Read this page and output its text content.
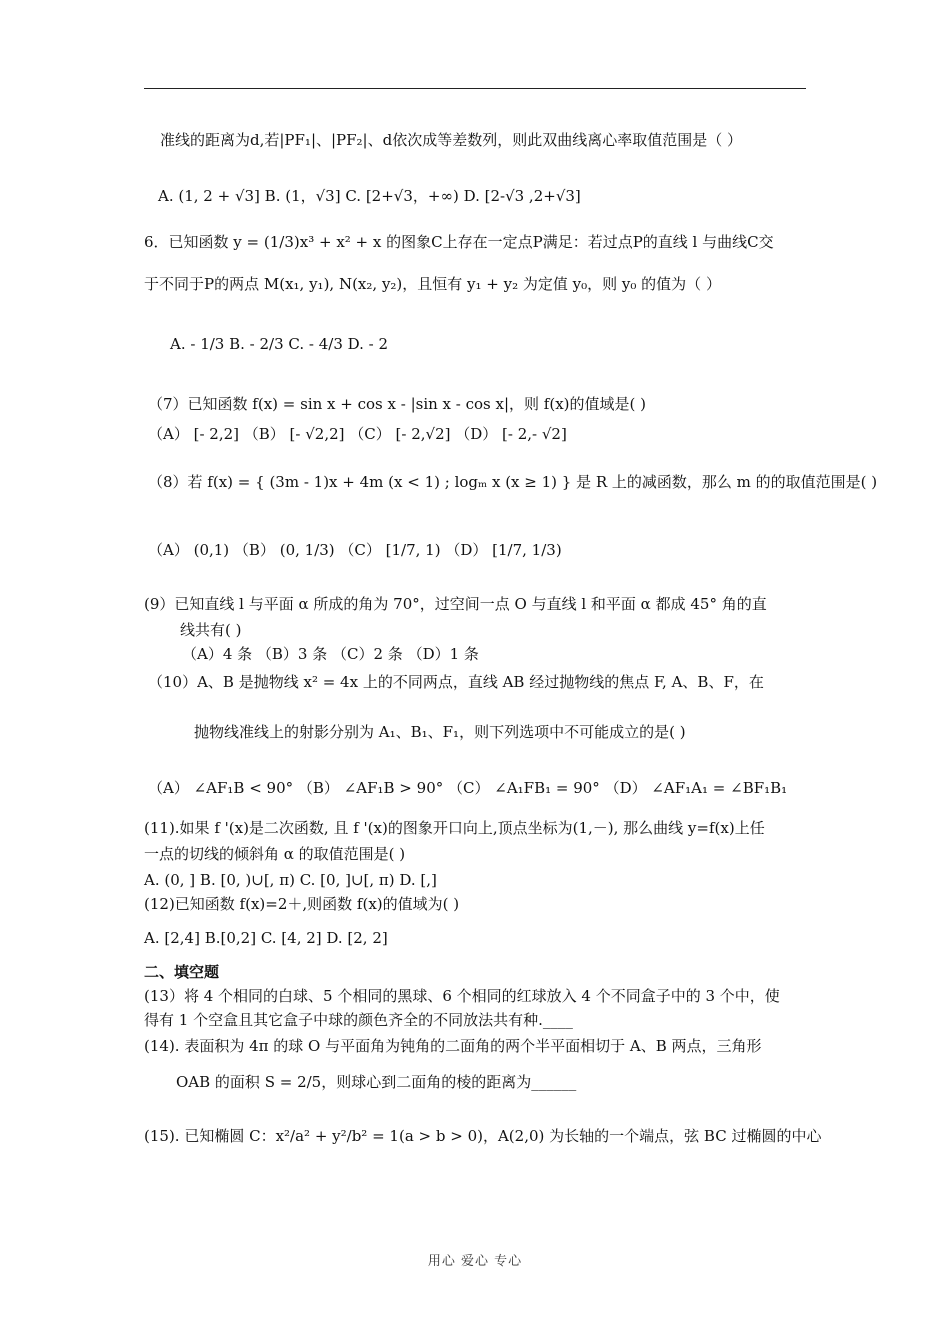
准线的距离为d,若|PF₁|、|PF₂|、d依次成等差数列，则此双曲线离心率取值范围是（ ）
A. (1, 2 + √3] B. (1，√3] C. [2+√3，+∞) D. [2-√3 ,2+√3]
6．已知函数 y = (1/3)x³ + x² + x 的图象C上存在一定点P满足：若过点P的直线 l 与曲线C交
于不同于P的两点 M(x₁, y₁), N(x₂, y₂)，且恒有 y₁ + y₂ 为定值 y₀，则 y₀ 的值为（ ）
A. - 1/3 B. - 2/3 C. - 4/3 D. - 2
（7）已知函数 f(x) = sin x + cos x - |sin x - cos x|，则 f(x)的值域是( )
（A） [- 2,2] （B） [- √2,2] （C） [- 2,√2] （D） [- 2,- √2]
（8）若 f(x) = { (3m - 1)x + 4m (x < 1) ; logₘ x (x ≥ 1) } 是 R 上的减函数，那么 m 的的取值范围是( )
（A） (0,1) （B） (0, 1/3) （C） [1/7, 1) （D） [1/7, 1/3)
(9）已知直线 l 与平面 α 所成的角为 70°，过空间一点 O 与直线 l 和平面 α 都成 45° 角的直
线共有( )
（A）4 条 （B）3 条 （C）2 条 （D）1 条
（10）A、B 是抛物线 x² = 4x 上的不同两点，直线 AB 经过抛物线的焦点 F, A、B、F，在
抛物线准线上的射影分别为 A₁、B₁、F₁，则下列选项中不可能成立的是( )
（A） ∠AF₁B < 90° （B） ∠AF₁B > 90° （C） ∠A₁FB₁ = 90° （D） ∠AF₁A₁ = ∠BF₁B₁
(11).如果 f '(x)是二次函数, 且 f '(x)的图象开口向上,顶点坐标为(1,－), 那么曲线 y=f(x)上任
一点的切线的倾斜角 α 的取值范围是( )
A. (0, ] B. [0, )∪[, π) C. [0, ]∪[, π) D. [,]
(12)已知函数 f(x)=2＋,则函数 f(x)的值域为( )
A. [2,4] B.[0,2] C. [4, 2] D. [2, 2]
二、填空题
(13）将 4 个相同的白球、5 个相同的黑球、6 个相同的红球放入 4 个不同盒子中的 3 个中，使
得有 1 个空盒且其它盒子中球的颜色齐全的不同放法共有种.____
(14). 表面积为 4π 的球 O 与平面角为钝角的二面角的两个半平面相切于 A、B 两点，三角形
OAB 的面积 S = 2/5，则球心到二面角的棱的距离为______
(15). 已知椭圆 C：x²/a² + y²/b² = 1(a > b > 0)，A(2,0) 为长轴的一个端点，弦 BC 过椭圆的中心
用心 爱心 专心
